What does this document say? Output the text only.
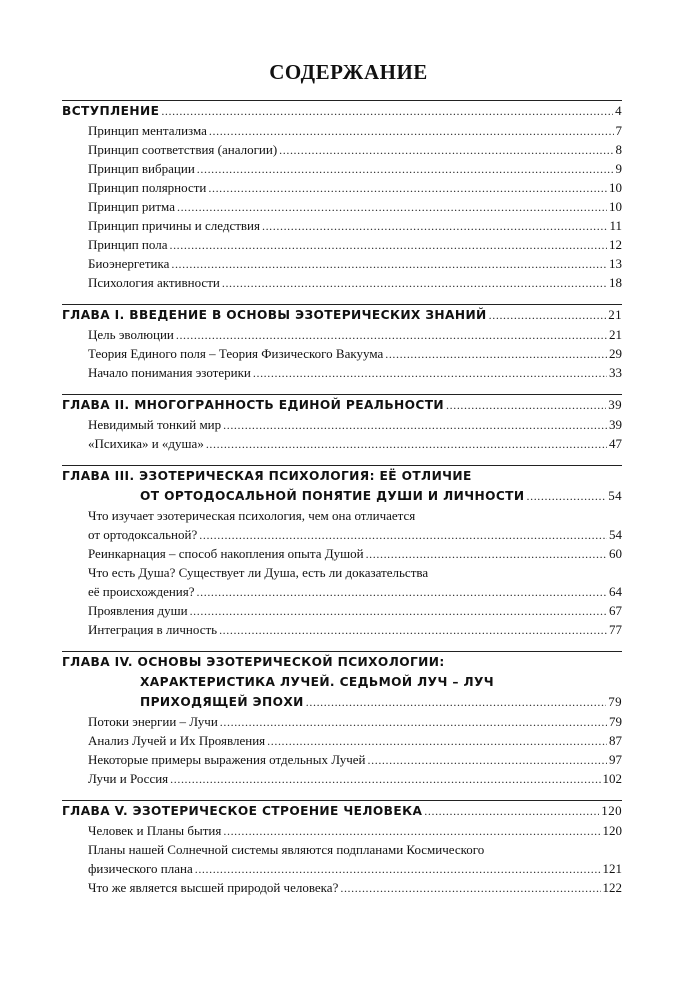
СОДЕРЖАНИЕ
ВСТУПЛЕНИЕ .....	4
Принцип ментализма .....	7
Принцип соответствия (аналогии) .....	8
Принцип вибрации .....	9
Принцип полярности .....	10
Принцип ритма .....	10
Принцип причины и следствия .....	11
Принцип пола .....	12
Биоэнергетика .....	13
Психология активности .....	18
ГЛАВА I. ВВЕДЕНИЕ В ОСНОВЫ ЭЗОТЕРИЧЕСКИХ ЗНАНИЙ .....	21
Цель эволюции .....	21
Теория Единого поля – Теория Физического Вакуума .....	29
Начало понимания эзотерики .....	33
ГЛАВА II. МНОГОГРАННОСТЬ ЕДИНОЙ РЕАЛЬНОСТИ .....	39
Невидимый тонкий мир .....	39
«Психика» и «душа» .....	47
ГЛАВА III. ЭЗОТЕРИЧЕСКАЯ ПСИХОЛОГИЯ: ЕЁ ОТЛИЧИЕ
ОТ ОРТОДОСАЛЬНОЙ ПОНЯТИЕ ДУШИ И ЛИЧНОСТИ .....	54
Что изучает эзотерическая психология, чем она отличается
от ортодоксальной? .....	54
Реинкарнация – способ накопления опыта Душой .....	60
Что есть Душа? Существует ли Душа, есть ли доказательства
её происхождения? .....	64
Проявления души .....	67
Интеграция в личность .....	77
ГЛАВА IV. ОСНОВЫ ЭЗОТЕРИЧЕСКОЙ ПСИХОЛОГИИ:
ХАРАКТЕРИСТИКА ЛУЧЕЙ. СЕДЬМОЙ ЛУЧ – ЛУЧ
ПРИХОДЯЩЕЙ ЭПОХИ .....	79
Потоки энергии – Лучи .....	79
Анализ Лучей и Их Проявления .....	87
Некоторые примеры выражения отдельных Лучей .....	97
Лучи и Россия .....	102
ГЛАВА V. ЭЗОТЕРИЧЕСКОЕ СТРОЕНИЕ ЧЕЛОВЕКА .....	120
Человек и Планы бытия .....	120
Планы нашей Солнечной системы являются подпланами Космического
физического плана .....	121
Что же является высшей природой человека? .....	122
